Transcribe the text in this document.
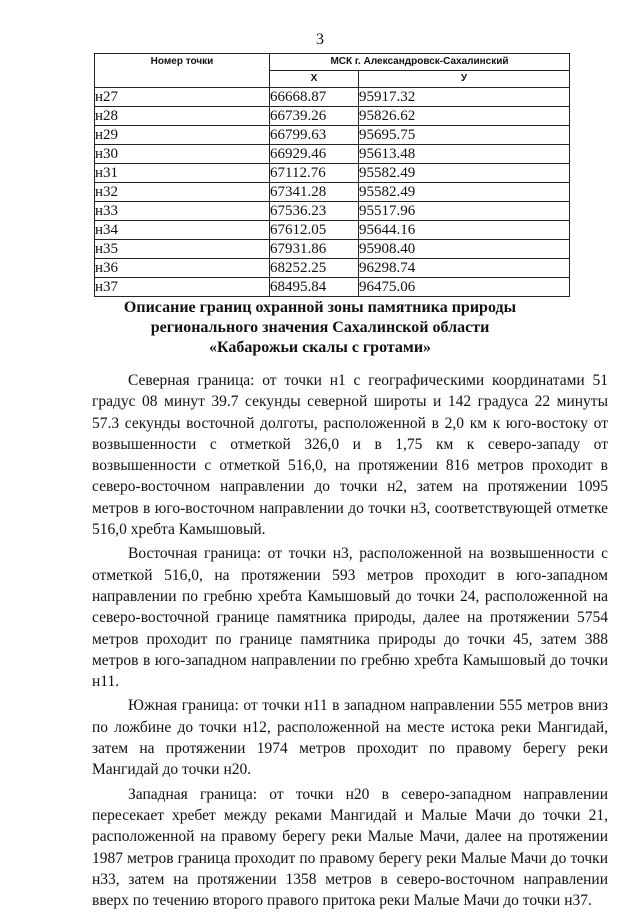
3
Номер точки	МСК г. Александровск-Сахалинский	
	X	У
н27	66668.87	95917.32
н28	66739.26	95826.62
н29	66799.63	95695.75
н30	66929.46	95613.48
н31	67112.76	95582.49
н32	67341.28	95582.49
н33	67536.23	95517.96
н34	67612.05	95644.16
н35	67931.86	95908.40
н36	68252.25	96298.74
н37	68495.84	96475.06
Описание границ охранной зоны памятника природы
регионального значения Сахалинской области
«Кабарожьи скалы с гротами»

Северная граница: от точки н1 с географическими координатами 51 градус 08 минут 39.7 секунды северной широты и 142 градуса 22 минуты 57.3 секунды восточной долготы, расположенной в 2,0 км к юго-востоку от возвышенности с отметкой 326,0 и в 1,75 км к северо-западу от возвышенности с отметкой 516,0, на протяжении 816 метров проходит в северо-восточном направлении до точки н2, затем на протяжении 1095 метров в юго-восточном направлении до точки н3, соответствующей отметке 516,0 хребта Камышовый.

Восточная граница: от точки н3, расположенной на возвышенности с отметкой 516,0, на протяжении 593 метров проходит в юго-западном направлении по гребню хребта Камышовый до точки 24, расположенной на северо-восточной границе памятника природы, далее на протяжении 5754 метров проходит по границе памятника природы до точки 45, затем 388 метров в юго-западном направлении по гребню хребта Камышовый до точки н11.

Южная граница: от точки н11 в западном направлении 555 метров вниз по ложбине до точки н12, расположенной на месте истока реки Мангидай, затем на протяжении 1974 метров проходит по правому берегу реки Мангидай до точки н20.

Западная граница: от точки н20 в северо-западном направлении пересекает хребет между реками Мангидай и Малые Мачи до точки 21, расположенной на правому берегу реки Малые Мачи, далее на протяжении 1987 метров граница проходит по правому берегу реки Малые Мачи до точки н33, затем на протяжении 1358 метров в северо-восточном направлении вверх по течению второго правого притока реки Малые Мачи до точки н37.
